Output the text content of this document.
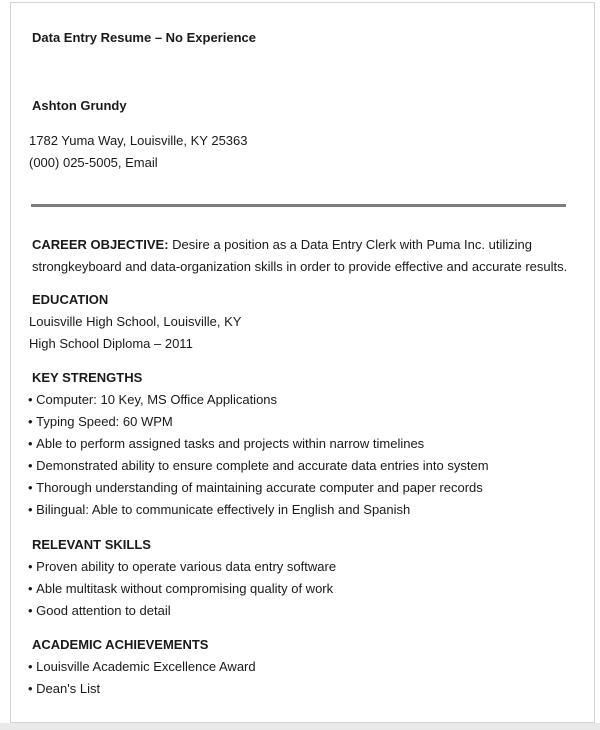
Data Entry Resume – No Experience
Ashton Grundy
1782 Yuma Way, Louisville, KY 25363
(000) 025-5005, Email
CAREER OBJECTIVE: Desire a position as a Data Entry Clerk with Puma Inc. utilizing
strongkeyboard and data-organization skills in order to provide effective and accurate results.
EDUCATION
Louisville High School, Louisville, KY
High School Diploma – 2011
KEY STRENGTHS
• Computer: 10 Key, MS Office Applications
• Typing Speed: 60 WPM
• Able to perform assigned tasks and projects within narrow timelines
• Demonstrated ability to ensure complete and accurate data entries into system
• Thorough understanding of maintaining accurate computer and paper records
• Bilingual: Able to communicate effectively in English and Spanish
RELEVANT SKILLS
• Proven ability to operate various data entry software
• Able multitask without compromising quality of work
• Good attention to detail
ACADEMIC ACHIEVEMENTS
• Louisville Academic Excellence Award
• Dean's List
